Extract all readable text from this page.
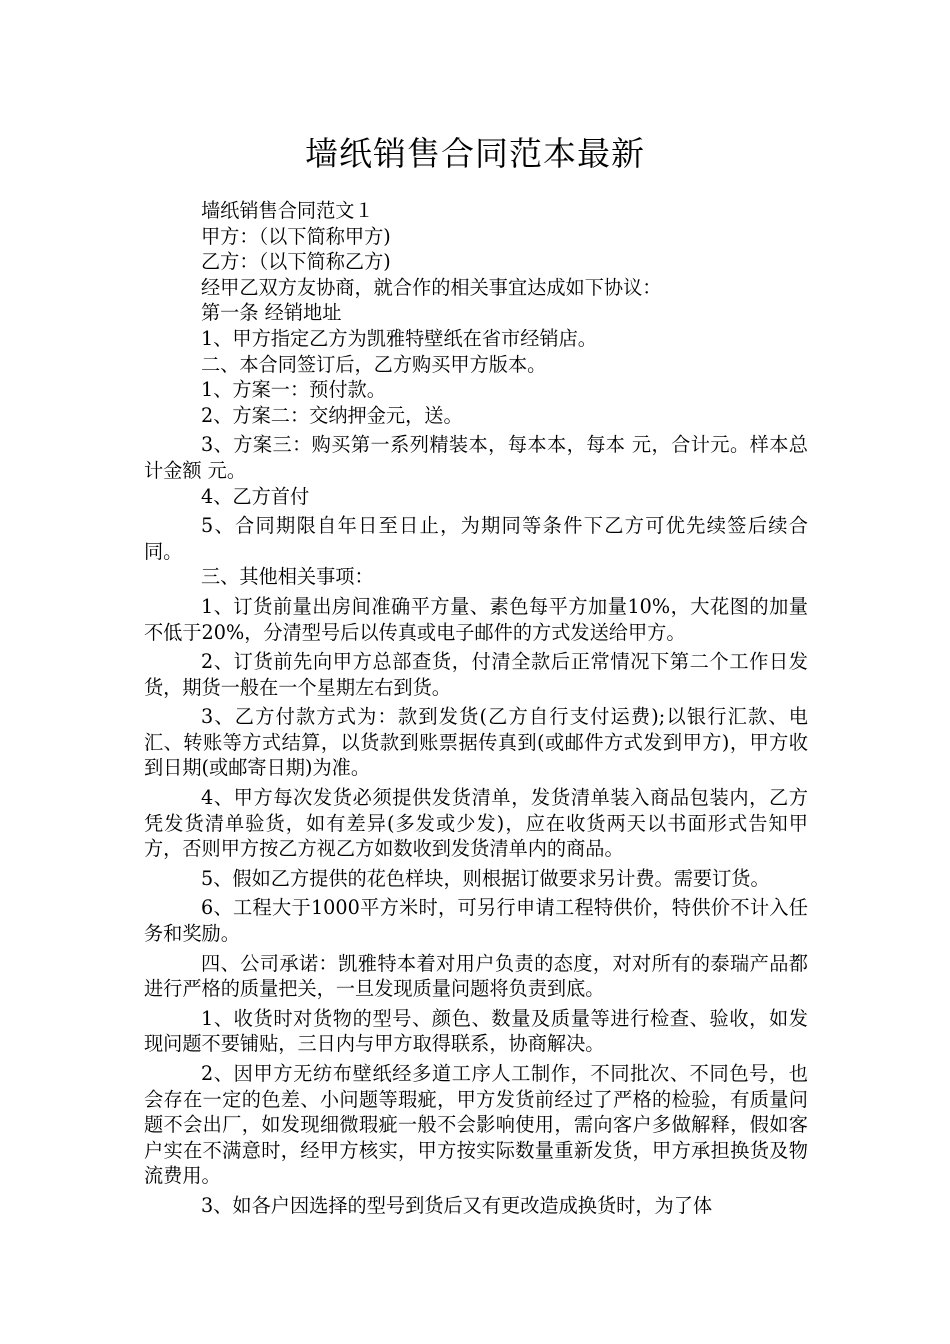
墙纸销售合同范本最新

墙纸销售合同范文１

甲方：（以下简称甲方)

乙方：（以下简称乙方)

经甲乙双方友协商，就合作的相关事宜达成如下协议：

第一条 经销地址

1、甲方指定乙方为凯雅特壁纸在省市经销店。

二、本合同签订后，乙方购买甲方版本。

1、方案一：预付款。

2、方案二：交纳押金元，送。

3、方案三：购买第一系列精装本，每本本，每本 元，合计元。样本总计金额 元。

4、乙方首付

5、合同期限自年日至日止，为期同等条件下乙方可优先续签后续合同。

三、其他相关事项：

1、订货前量出房间准确平方量、素色每平方加量10%，大花图的加量不低于20%，分清型号后以传真或电子邮件的方式发送给甲方。

2、订货前先向甲方总部查货，付清全款后正常情况下第二个工作日发货，期货一般在一个星期左右到货。

3、乙方付款方式为：款到发货(乙方自行支付运费);以银行汇款、电汇、转账等方式结算，以货款到账票据传真到(或邮件方式发到甲方)，甲方收到日期(或邮寄日期)为准。

4、甲方每次发货必须提供发货清单，发货清单装入商品包装内，乙方凭发货清单验货，如有差异(多发或少发)，应在收货两天以书面形式告知甲方，否则甲方按乙方视乙方如数收到发货清单内的商品。

5、假如乙方提供的花色样块，则根据订做要求另计费。需要订货。

6、工程大于1000平方米时，可另行申请工程特供价，特供价不计入任务和奖励。

四、公司承诺：凯雅特本着对用户负责的态度，对对所有的泰瑞产品都进行严格的质量把关，一旦发现质量问题将负责到底。

1、收货时对货物的型号、颜色、数量及质量等进行检查、验收，如发现问题不要铺贴，三日内与甲方取得联系，协商解决。

2、因甲方无纺布壁纸经多道工序人工制作，不同批次、不同色号，也会存在一定的色差、小问题等瑕疵，甲方发货前经过了严格的检验，有质量问题不会出厂，如发现细微瑕疵一般不会影响使用，需向客户多做解释，假如客户实在不满意时，经甲方核实，甲方按实际数量重新发货，甲方承担换货及物流费用。

3、如各户因选择的型号到货后又有更改造成换货时，为了体
